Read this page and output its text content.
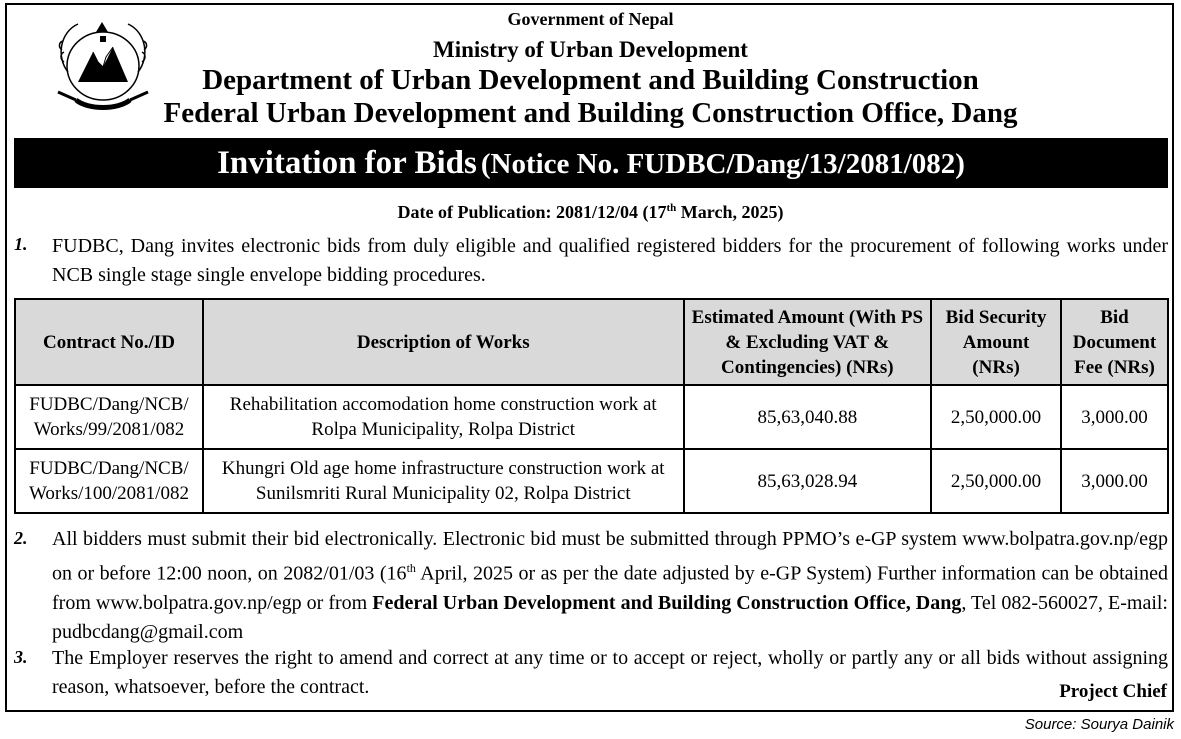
Government of Nepal
Ministry of Urban Development
Department of Urban Development and Building Construction
Federal Urban Development and Building Construction Office, Dang
Invitation for Bids (Notice No. FUDBC/Dang/13/2081/082)
Date of Publication: 2081/12/04 (17th March, 2025)
1. FUDBC, Dang invites electronic bids from duly eligible and qualified registered bidders for the procurement of following works under NCB single stage single envelope bidding procedures.
Contract No./ID	Description of Works	Estimated Amount (With PS & Excluding VAT & Contingencies) (NRs)	Bid Security Amount (NRs)	Bid Document Fee (NRs)
FUDBC/Dang/NCB/ Works/99/2081/082	Rehabilitation accomodation home construction work at Rolpa Municipality, Rolpa District	85,63,040.88	2,50,000.00	3,000.00
FUDBC/Dang/NCB/ Works/100/2081/082	Khungri Old age home infrastructure construction work at Sunilsmriti Rural Municipality 02, Rolpa District	85,63,028.94	2,50,000.00	3,000.00
2. All bidders must submit their bid electronically. Electronic bid must be submitted through PPMO’s e-GP system www.bolpatra.gov.np/egp on or before 12:00 noon, on 2082/01/03 (16th April, 2025 or as per the date adjusted by e-GP System) Further information can be obtained from www.bolpatra.gov.np/egp or from Federal Urban Development and Building Construction Office, Dang, Tel 082-560027, E-mail: pudbcdang@gmail.com
3. The Employer reserves the right to amend and correct at any time or to accept or reject, wholly or partly any or all bids without assigning reason, whatsoever, before the contract.	Project Chief
Source: Sourya Dainik
